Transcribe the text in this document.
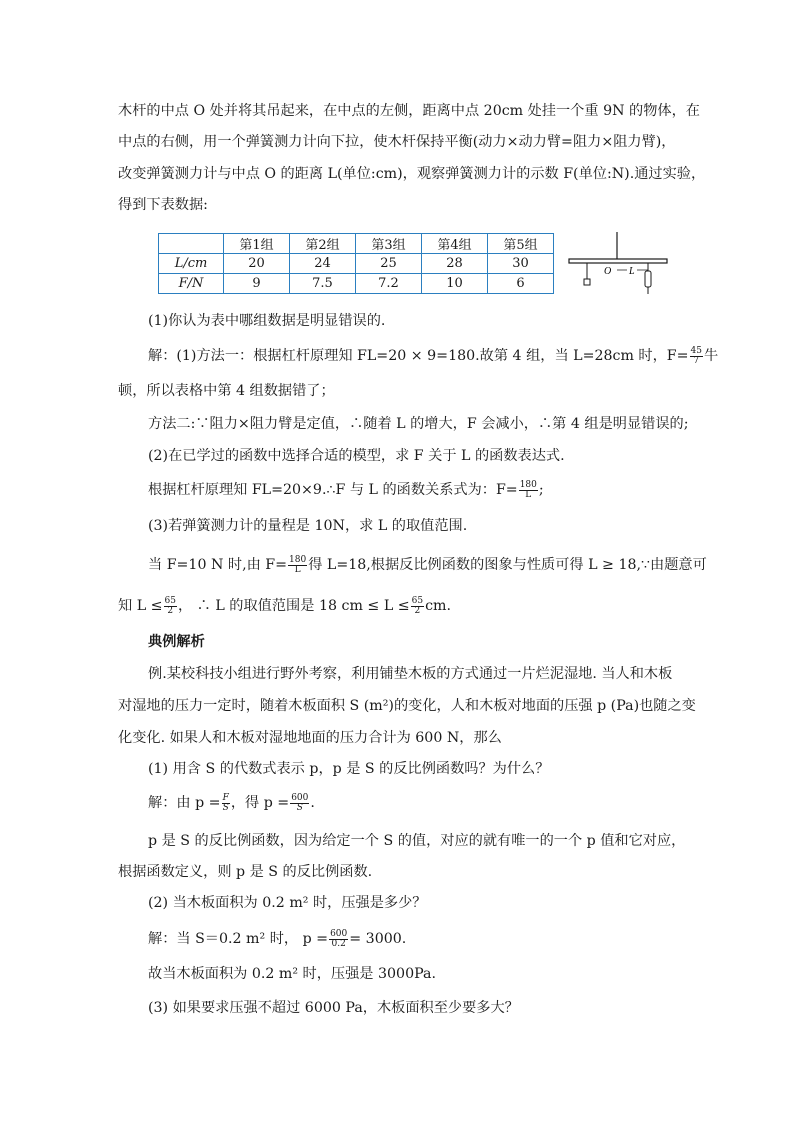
木杆的中点 O 处并将其吊起来，在中点的左侧，距离中点 20cm 处挂一个重 9N 的物体，在
中点的右侧，用一个弹簧测力计向下拉，使木杆保持平衡(动力×动力臂=阻力×阻力臂)，
改变弹簧测力计与中点 O 的距离 L(单位:cm)，观察弹簧测力计的示数 F(单位:N).通过实验，
得到下表数据:
	第1组	第2组	第3组	第4组	第5组
L/cm	20	24	25	28	30
F/N	9	7.5	7.2	10	6
O L
(1)你认为表中哪组数据是明显错误的.
解：(1)方法一：根据杠杆原理知 FL=20 × 9=180.故第 4 组，当 L=28cm 时，$F= \frac{45}{7}$ 牛
顿，所以表格中第 4 组数据错了；
方法二:∵阻力×阻力臂是定值，∴随着 L 的增大，F 会减小，∴第 4 组是明显错误的;
(2)在已学过的函数中选择合适的模型，求 F 关于 L 的函数表达式.
根据杠杆原理知 FL=20×9.∴F 与 L 的函数关系式为：$F= \frac{180}{L}$ ;
(3)若弹簧测力计的量程是 10N，求 L 的取值范围.
当 F=10 N 时,由 $F= \frac{180}{L}$ 得 L=18,根据反比例函数的图象与性质可得 L ≥ 18,∵由题意可
知 $L \le \frac{65}{2}$ ， ∴ L 的取值范围是 18 cm ≤ $L \le \frac{65}{2}$ cm.
典例解析
例.某校科技小组进行野外考察，利用铺垫木板的方式通过一片烂泥湿地. 当人和木板
对湿地的压力一定时，随着木板面积 S (m²)的变化，人和木板对地面的压强 p (Pa)也随之变
化变化. 如果人和木板对湿地地面的压力合计为 600 N，那么
(1) 用含 S 的代数式表示 p，p 是 S 的反比例函数吗？为什么？
解：由 $p = \frac{F}{S}$ ，得 $p = \frac{600}{S}$ .
p 是 S 的反比例函数，因为给定一个 S 的值，对应的就有唯一的一个 p 值和它对应，
根据函数定义，则 p 是 S 的反比例函数.
(2) 当木板面积为 0.2 m² 时，压强是多少？
解：当 S＝0.2 m² 时， $p = \frac{600}{0.2} = 3000$.
故当木板面积为 0.2 m² 时，压强是 3000Pa.
(3) 如果要求压强不超过 6000 Pa，木板面积至少要多大？
